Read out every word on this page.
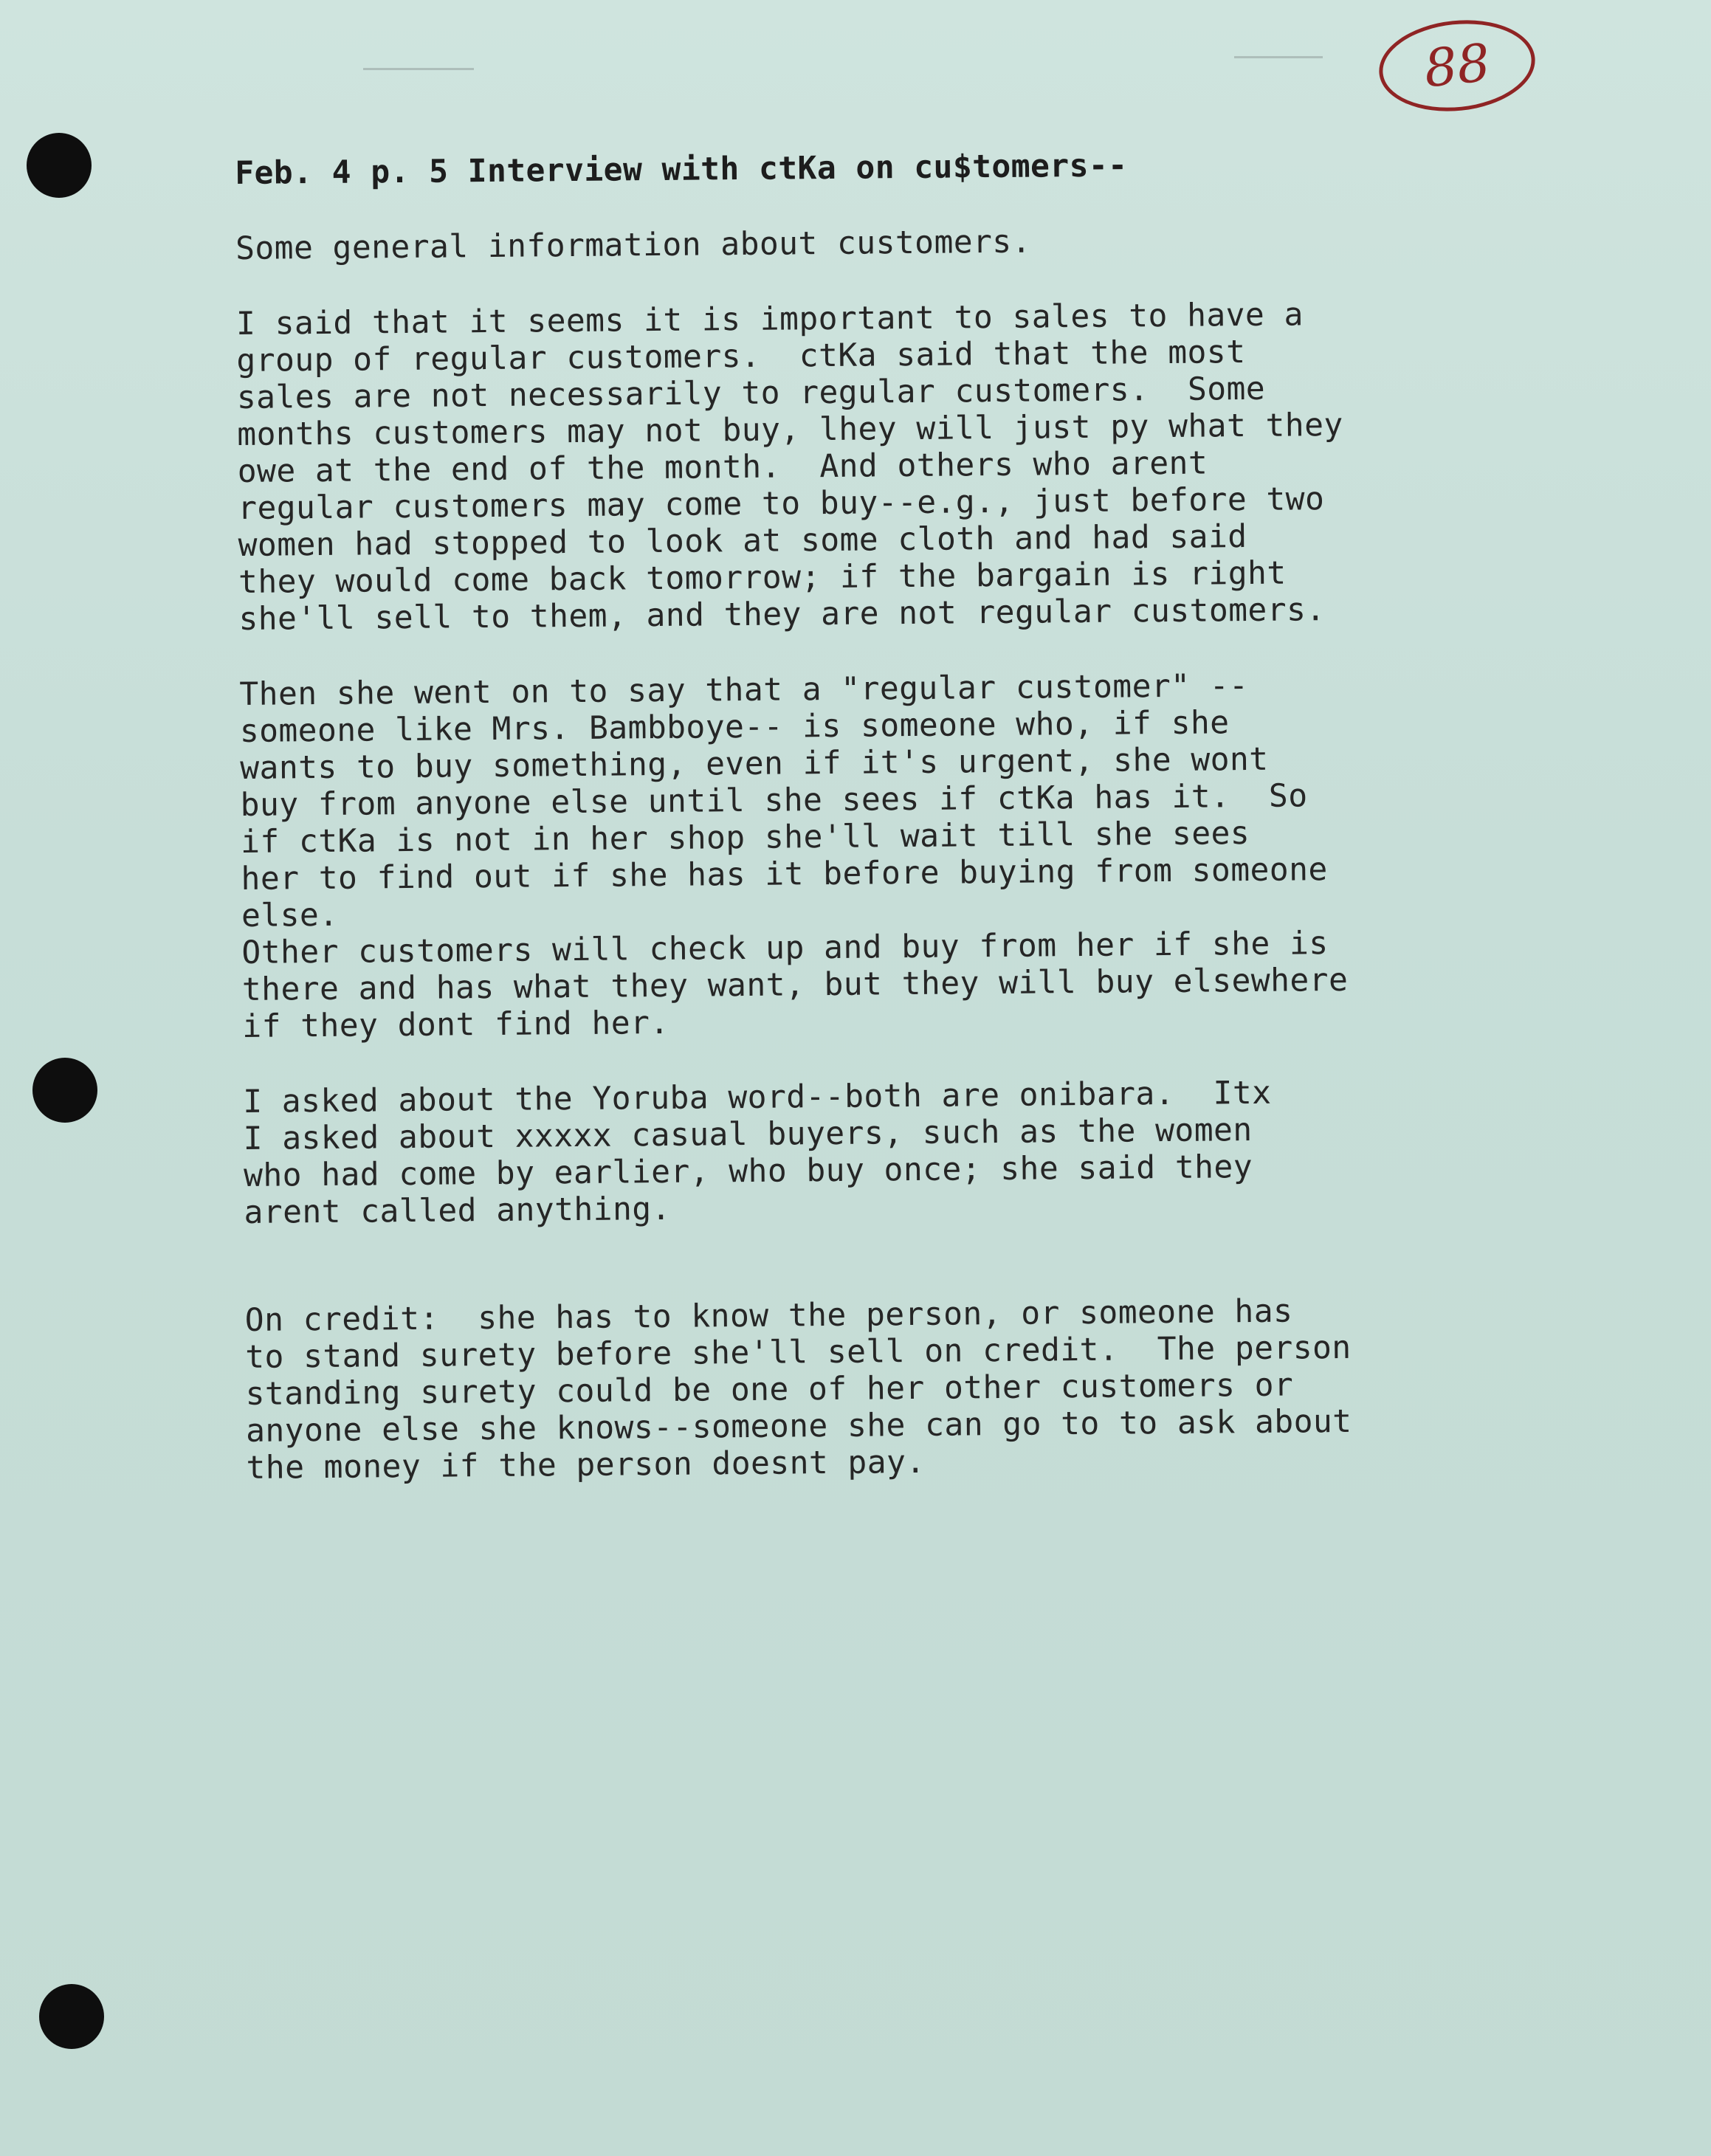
88
Feb. 4 p. 5 Interview with ctKa on cu$tomers--
Some general information about customers.
I said that it seems it is important to sales to have a
group of regular customers.  ctKa said that the most
sales are not necessarily to regular customers.  Some
months customers may not buy, lhey will just py what they
owe at the end of the month.  And others who arent
regular customers may come to buy--e.g., just before two
women had stopped to look at some cloth and had said
they would come back tomorrow; if the bargain is right
she'll sell to them, and they are not regular customers.
Then she went on to say that a "regular customer" --
someone like Mrs. Bambboye-- is someone who, if she
wants to buy something, even if it's urgent, she wont
buy from anyone else until she sees if ctKa has it.  So
if ctKa is not in her shop she'll wait till she sees
her to find out if she has it before buying from someone
else.
Other customers will check up and buy from her if she is
there and has what they want, but they will buy elsewhere
if they dont find her.
I asked about the Yoruba word--both are onibara.  Itx
I asked about xxxxx casual buyers, such as the women
who had come by earlier, who buy once; she said they
arent called anything.
On credit:  she has to know the person, or someone has
to stand surety before she'll sell on credit.  The person
standing surety could be one of her other customers or
anyone else she knows--someone she can go to to ask about
the money if the person doesnt pay.
